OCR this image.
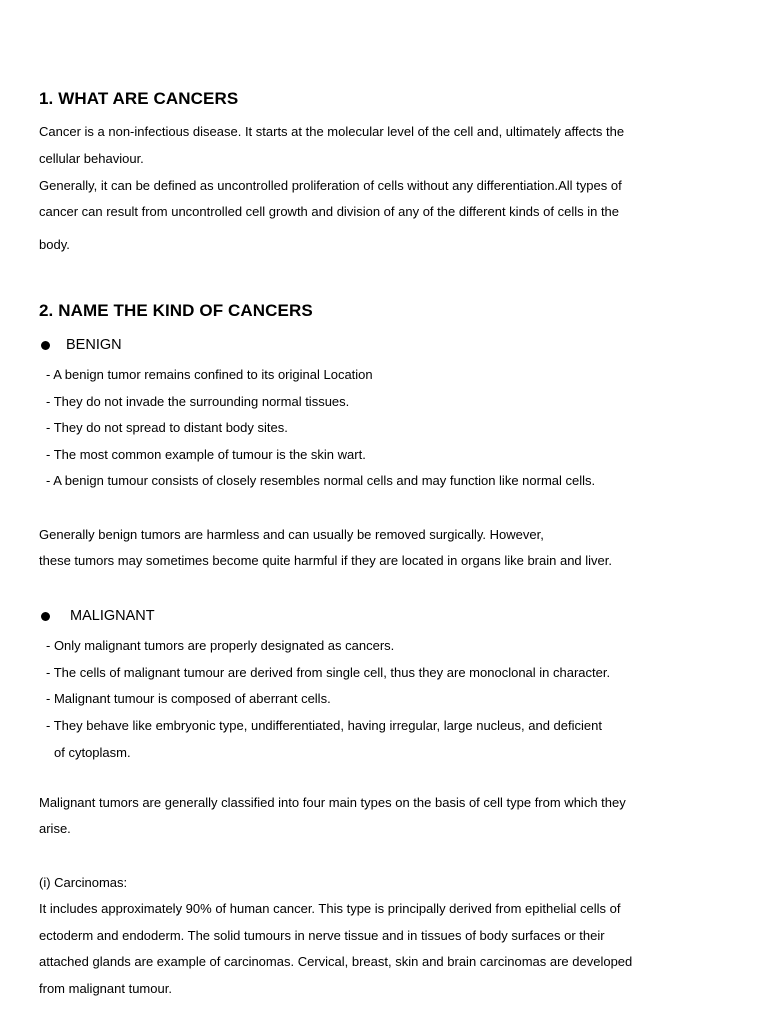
1. WHAT ARE CANCERS
Cancer is a non-infectious disease. It starts at the molecular level of the cell and, ultimately affects the
cellular behaviour.
Generally, it can be defined as uncontrolled proliferation of cells without any differentiation.All types of
cancer can result from uncontrolled cell growth and division of any of the different kinds of cells in the
body.
2. NAME THE KIND OF CANCERS
BENIGN
- A benign tumor remains confined to its original Location
- They do not invade the surrounding normal tissues.
- They do not spread to distant body sites.
- The most common example of tumour is the skin wart.
- A benign tumour consists of closely resembles normal cells and may function like normal cells.
Generally benign tumors are harmless and can usually be removed surgically. However,
these tumors may sometimes become quite harmful if they are located in organs like brain and liver.
MALIGNANT
- Only malignant tumors are properly designated as cancers.
- The cells of malignant tumour are derived from single cell, thus they are monoclonal in character.
- Malignant tumour is composed of aberrant cells.
- They behave like embryonic type, undifferentiated, having irregular, large nucleus, and deficient
of cytoplasm.
Malignant tumors are generally classified into four main types on the basis of cell type from which they
arise.
(i) Carcinomas:
It includes approximately 90% of human cancer. This type is principally derived from epithelial cells of
ectoderm and endoderm. The solid tumours in nerve tissue and in tissues of body surfaces or their
attached glands are example of carcinomas. Cervical, breast, skin and brain carcinomas are developed
from malignant tumour.
